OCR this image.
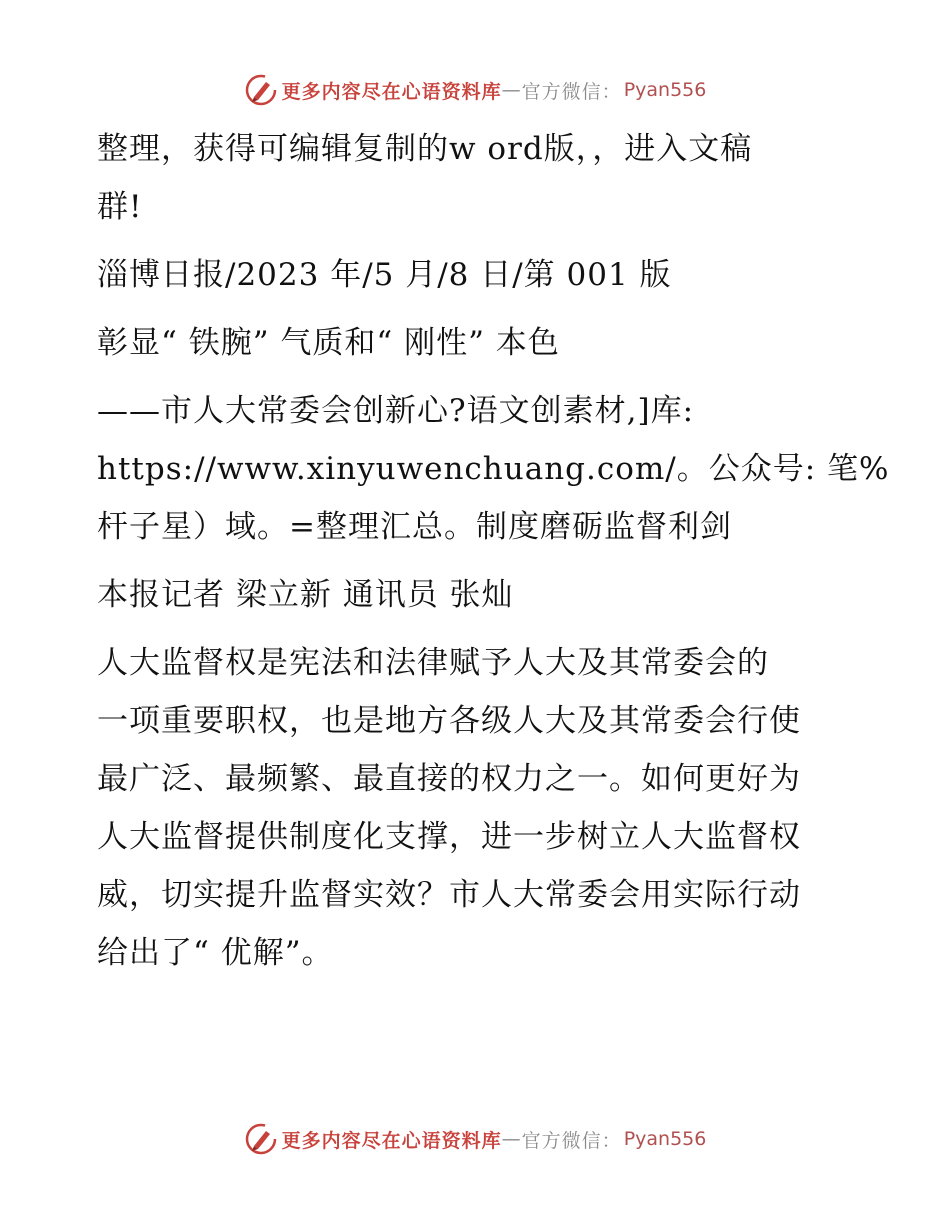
更多内容尽在心语资料库 — 官方微信： Pyan556
整理，获得可编辑复制的w ord版，，进入文稿
群!
淄博日报/2023 年/5 月/8 日/第 001 版
彰显“ 铁腕” 气质和“ 刚性” 本色
——市人大常委会创新心?语文创素材,]库:
https://www.xinyuwenchuang.com/。公众号: 笔%
杆子星）域。=整理汇总。制度磨砺监督利剑
本报记者 梁立新 通讯员 张灿
人大监督权是宪法和法律赋予人大及其常委会的
一项重要职权，也是地方各级人大及其常委会行使
最广泛、最频繁、最直接的权力之一。如何更好为
人大监督提供制度化支撑，进一步树立人大监督权
威，切实提升监督实效？市人大常委会用实际行动
给出了“ 优解”。
更多内容尽在心语资料库 — 官方微信： Pyan556
